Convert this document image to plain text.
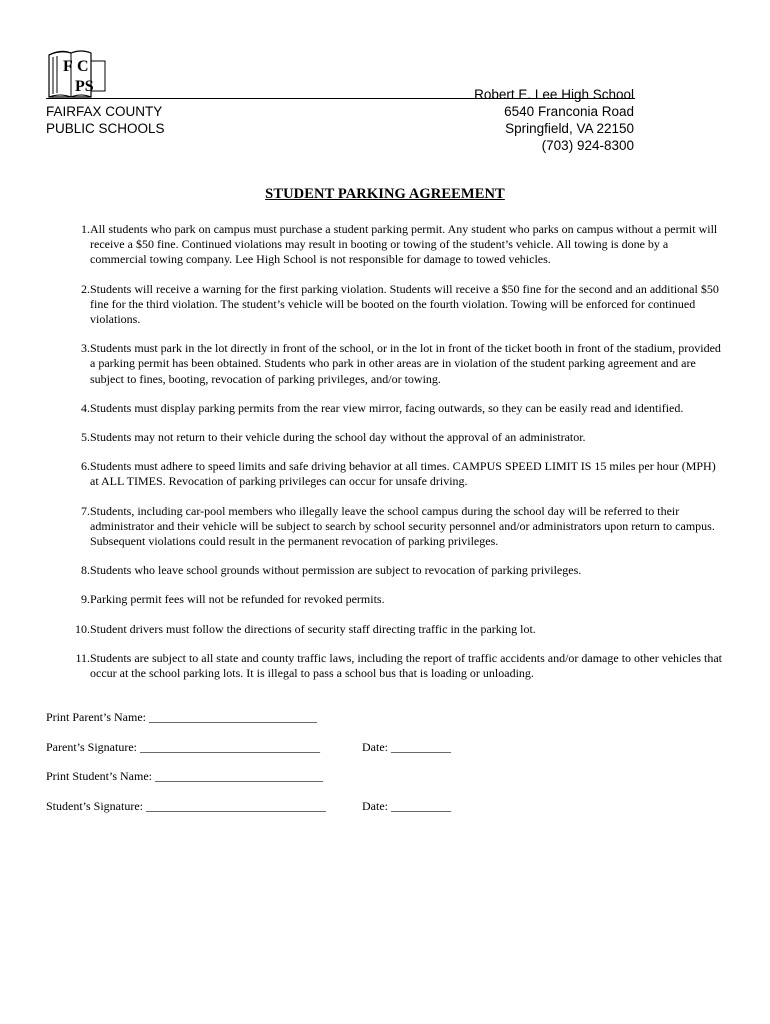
C
PS
F
FAIRFAX COUNTY
PUBLIC SCHOOLS
Robert E. Lee High School
6540 Franconia Road
Springfield, VA 22150
(703) 924-8300
STUDENT PARKING AGREEMENT
1. All students who park on campus must purchase a student parking permit. Any student who parks on campus without a permit will receive a $50 fine. Continued violations may result in booting or towing of the student’s vehicle. All towing is done by a commercial towing company. Lee High School is not responsible for damage to towed vehicles.
2. Students will receive a warning for the first parking violation. Students will receive a $50 fine for the second and an additional $50 fine for the third violation. The student’s vehicle will be booted on the fourth violation. Towing will be enforced for continued violations.
3. Students must park in the lot directly in front of the school, or in the lot in front of the ticket booth in front of the stadium, provided a parking permit has been obtained. Students who park in other areas are in violation of the student parking agreement and are subject to fines, booting, revocation of parking privileges, and/or towing.
4. Students must display parking permits from the rear view mirror, facing outwards, so they can be easily read and identified.
5. Students may not return to their vehicle during the school day without the approval of an administrator.
6. Students must adhere to speed limits and safe driving behavior at all times. CAMPUS SPEED LIMIT IS 15 miles per hour (MPH) at ALL TIMES. Revocation of parking privileges can occur for unsafe driving.
7. Students, including car-pool members who illegally leave the school campus during the school day will be referred to their administrator and their vehicle will be subject to search by school security personnel and/or administrators upon return to campus. Subsequent violations could result in the permanent revocation of parking privileges.
8. Students who leave school grounds without permission are subject to revocation of parking privileges.
9. Parking permit fees will not be refunded for revoked permits.
10. Student drivers must follow the directions of security staff directing traffic in the parking lot.
11. Students are subject to all state and county traffic laws, including the report of traffic accidents and/or damage to other vehicles that occur at the school parking lots. It is illegal to pass a school bus that is loading or unloading.
Print Parent’s Name: ____________________________
Parent’s Signature: ______________________________	Date: __________
Print Student’s Name: ____________________________
Student’s Signature: ______________________________	Date: __________
